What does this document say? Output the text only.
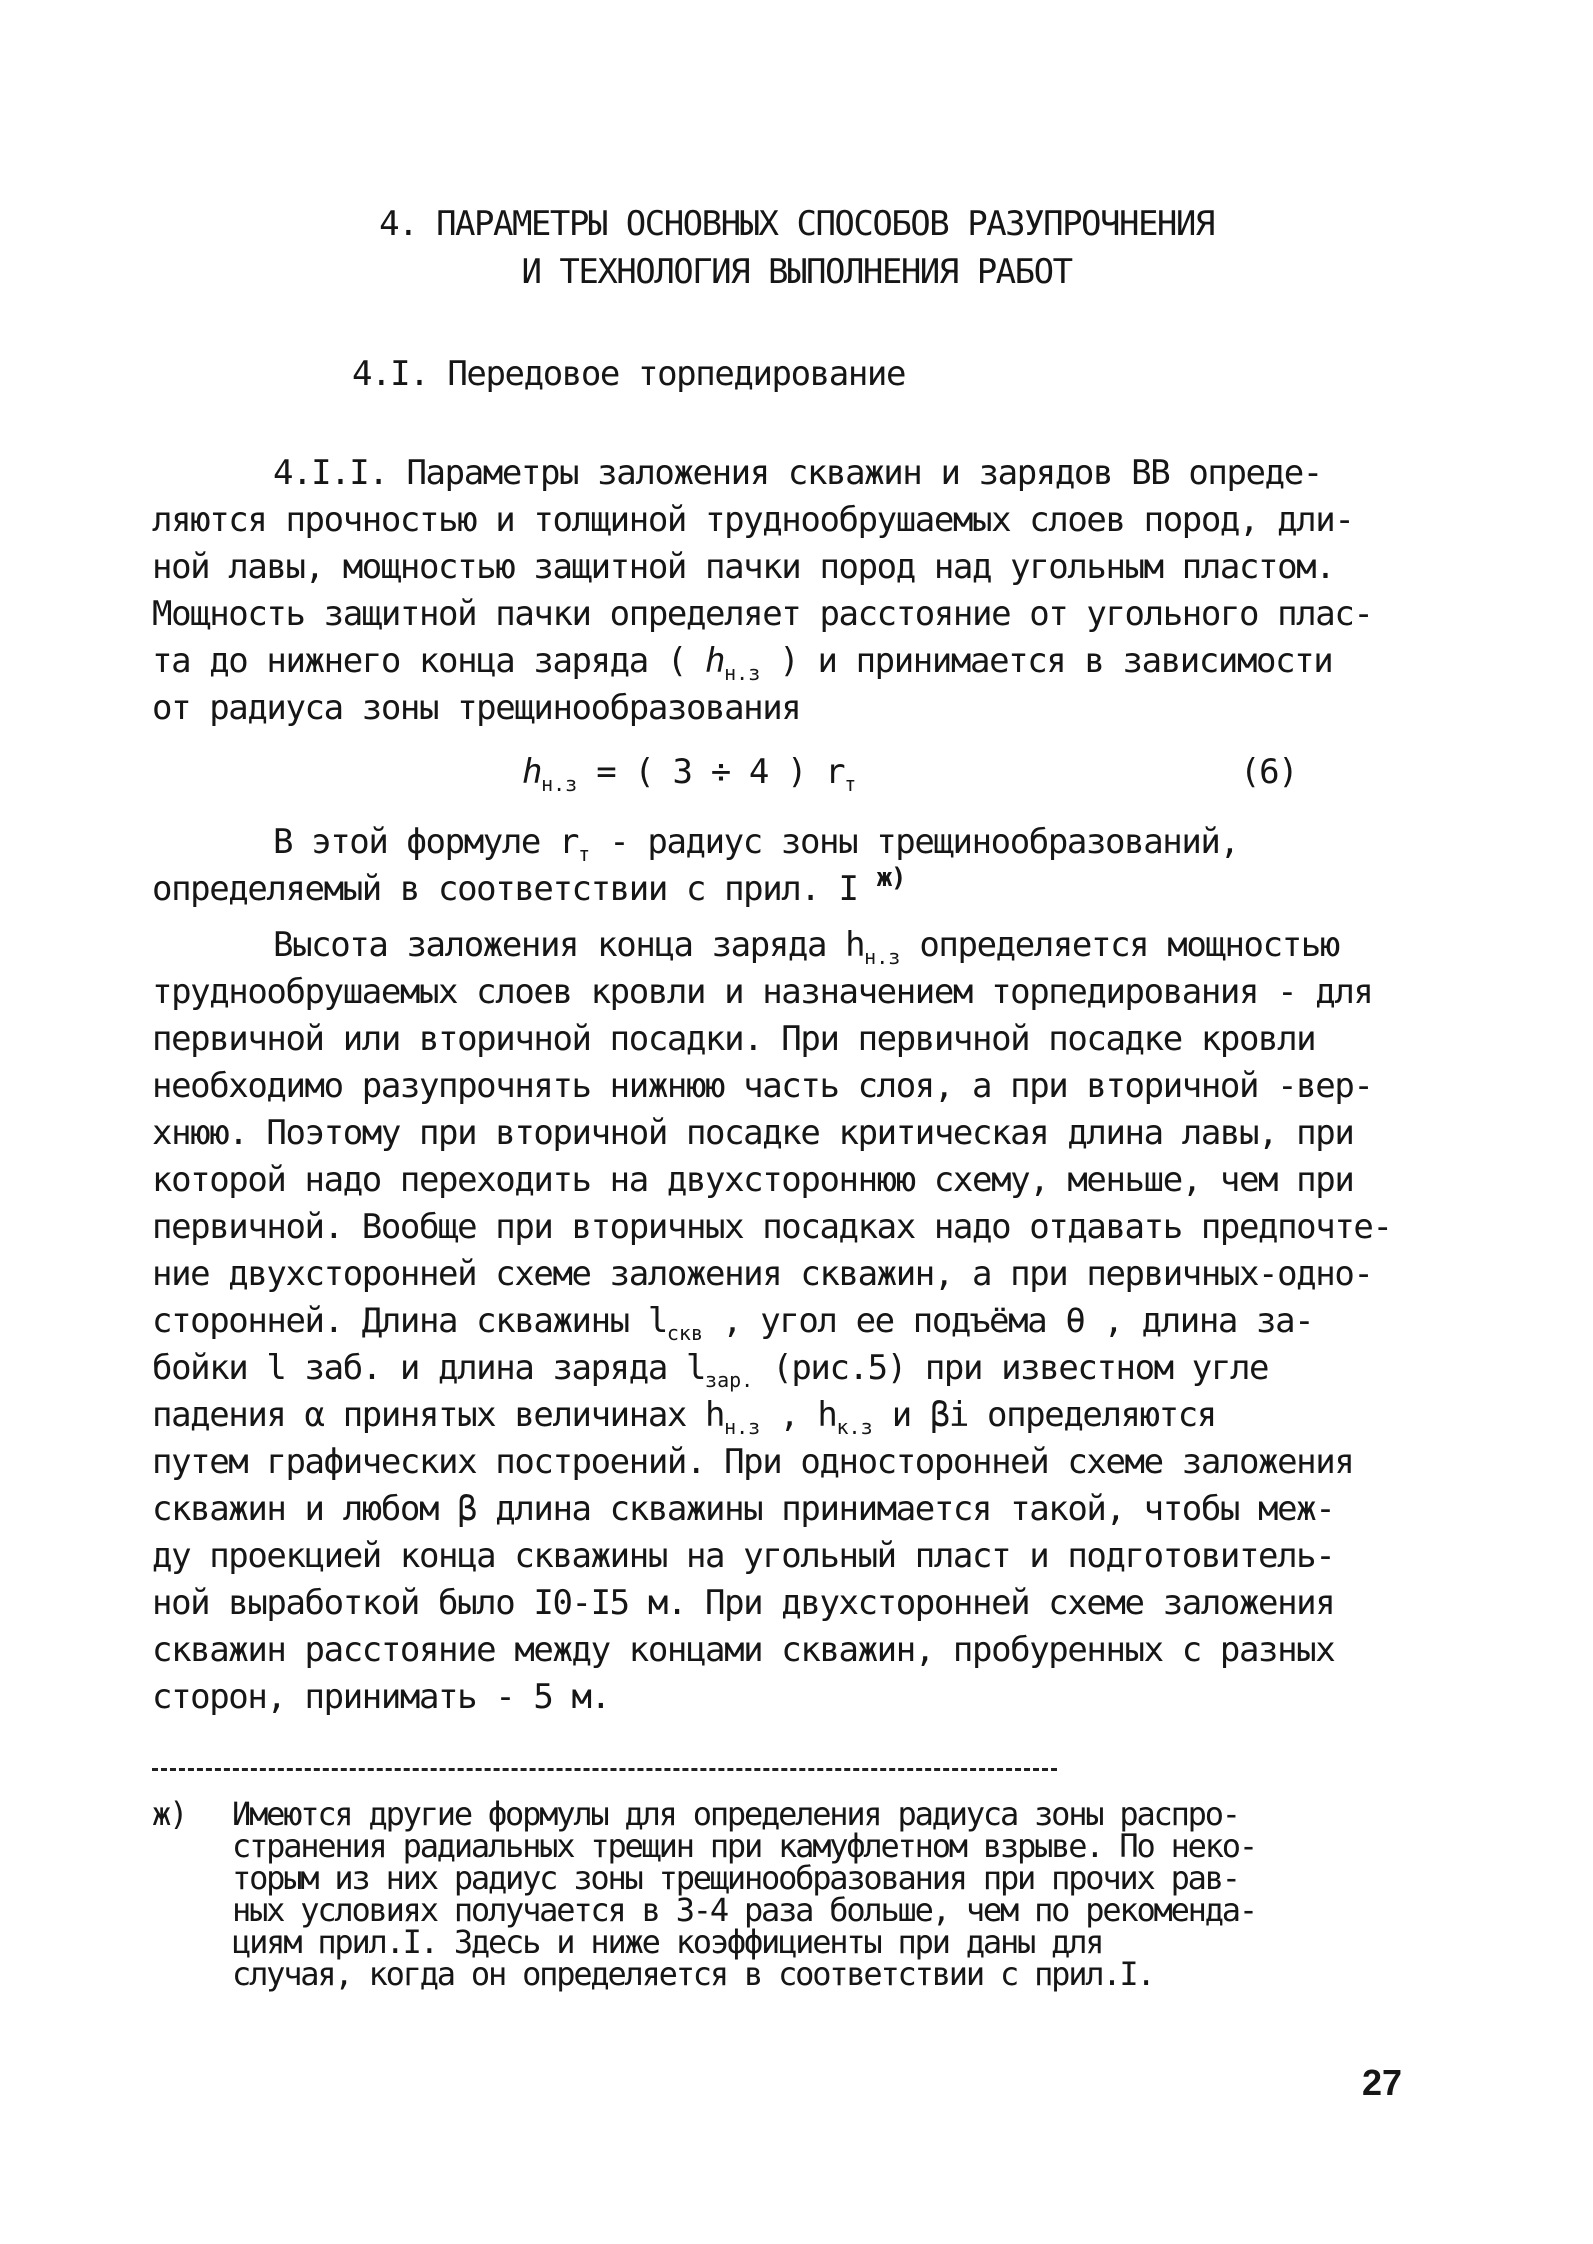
4. ПАРАМЕТРЫ ОСНОВНЫХ СПОСОБОВ РАЗУПРОЧНЕНИЯ
И ТЕХНОЛОГИЯ ВЫПОЛНЕНИЯ РАБОТ
4.I. Передовое торпедирование
4.I.I. Параметры заложения скважин и зарядов ВВ опреде-
ляются прочностью и толщиной труднообрушаемых слоев пород, дли-
ной лавы, мощностью защитной пачки пород над угольным пластом.
Мощность защитной пачки определяет расстояние от угольного плас-
та до нижнего конца заряда ( $h_{н.з}$ ) и принимается в зависимости
от радиуса зоны трещинообразования
$h_{н.з}$ = ( 3 ÷ 4 ) $r_т$	(6)
В этой формуле $r_т$ - радиус зоны трещинообразований,
определяемый в соответствии с прил. I $^{ж)}$
Высота заложения конца заряда $h_{н.з}$ определяется мощностью
труднообрушаемых слоев кровли и назначением торпедирования - для
первичной или вторичной посадки. При первичной посадке кровли
необходимо разупрочнять нижнюю часть слоя, а при вторичной -вер-
хнюю. Поэтому при вторичной посадке критическая длина лавы, при
которой надо переходить на двухстороннюю схему, меньше, чем при
первичной. Вообще при вторичных посадках надо отдавать предпочте-
ние двухсторонней схеме заложения скважин, а при первичных-одно-
сторонней. Длина скважины $l_{скв}$ , угол ее подъёма θ , длина за-
бойки l заб. и длина заряда $l_{зар.}$ (рис.5) при известном угле
падения α принятых величинах $h_{н.з}$ , $h_{к.з}$ и βi определяются
путем графических построений. При односторонней схеме заложения
скважин и любом β длина скважины принимается такой, чтобы меж-
ду проекцией конца скважины на угольный пласт и подготовитель-
ной выработкой было I0-I5 м. При двухсторонней схеме заложения
скважин расстояние между концами скважин, пробуренных с разных
сторон, принимать - 5 м.
ж) Имеются другие формулы для определения радиуса зоны распро-
странения радиальных трещин при камуфлетном взрыве. По неко-
торым из них радиус зоны трещинообразования при прочих рав-
ных условиях получается в 3-4 раза больше, чем по рекоменда-
циям прил.I. Здесь и ниже коэффициенты при даны для
случая, когда он определяется в соответствии с прил.I.
27
